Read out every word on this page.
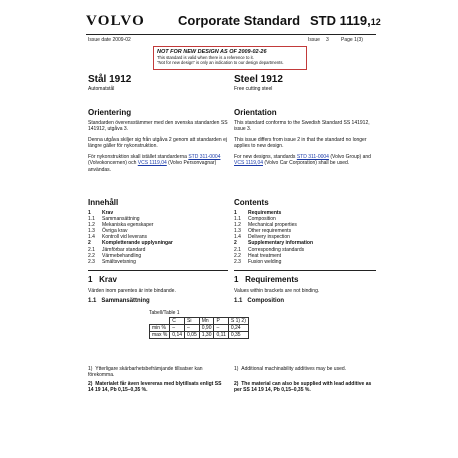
VOLVO	Corporate Standard STD 1119,12
Issue date 2009-02	Issue 3 Page 1(3)
NOT FOR NEW DESIGN AS OF 2009-02-26
This standard is valid when there is a reference to it.
"Not for new design" is only an indication to our design departments.
Stål 1912
Automatstål
Orientering
Standarden överensstämmer med den svenska standarden SS 141912, utgåva 3.
Denna utgåva skiljer sig från utgåva 2 genom att standarden ej längre gäller för nykonstruktion.
För nykonstruktion skall istället standarderna STD 311-0004 (Volvokoncernen) och VCS 1119,04 (Volvo Personvagnar) användas.
Innehåll
1 Krav
1.1 Sammansättning
1.2 Mekaniska egenskaper
1.3 Övriga krav
1.4 Kontroll vid leverans
2 Kompletterande upplysningar
2.1 Jämförbar standard
2.2 Värmebehandling
2.3 Smältsvetsning
1 Krav
Värden inom parentes är inte bindande.
1.1 Sammansättning
Steel 1912
Free cutting steel
Orientation
This standard conforms to the Swedish Standard SS 141912, issue 3.
This issue differs from issue 2 in that the standard no longer applies to new design.
For new designs, standards STD 311-0004 (Volvo Group) and VCS 1119,04 (Volvo Car Corporation) shall be used.
Contents
1 Requirements
1.1 Composition
1.2 Mechanical properties
1.3 Other requirements
1.4 Delivery inspection
2 Supplementary information
2.1 Corresponding standards
2.2 Heat treatment
2.3 Fusion welding
1 Requirements
Values within brackets are not binding.
1.1 Composition
Tabell/Table 1
	C	Si	Mn	P	S 1) 2)
min %	–	–	0,90	–	0,24
max %	0,14	0,05	1,30	0,11	0,35
1) Ytterligare skärbarhetsbefrämjande tillsatser kan förekomma.
2) Materialet får även levereras med blytillsats enligt SS 14 19 14, Pb 0,15–0,35 %.
1) Additional machinability additives may be used.
2) The material can also be supplied with lead additive as per SS 14 19 14, Pb 0,15–0,35 %.
